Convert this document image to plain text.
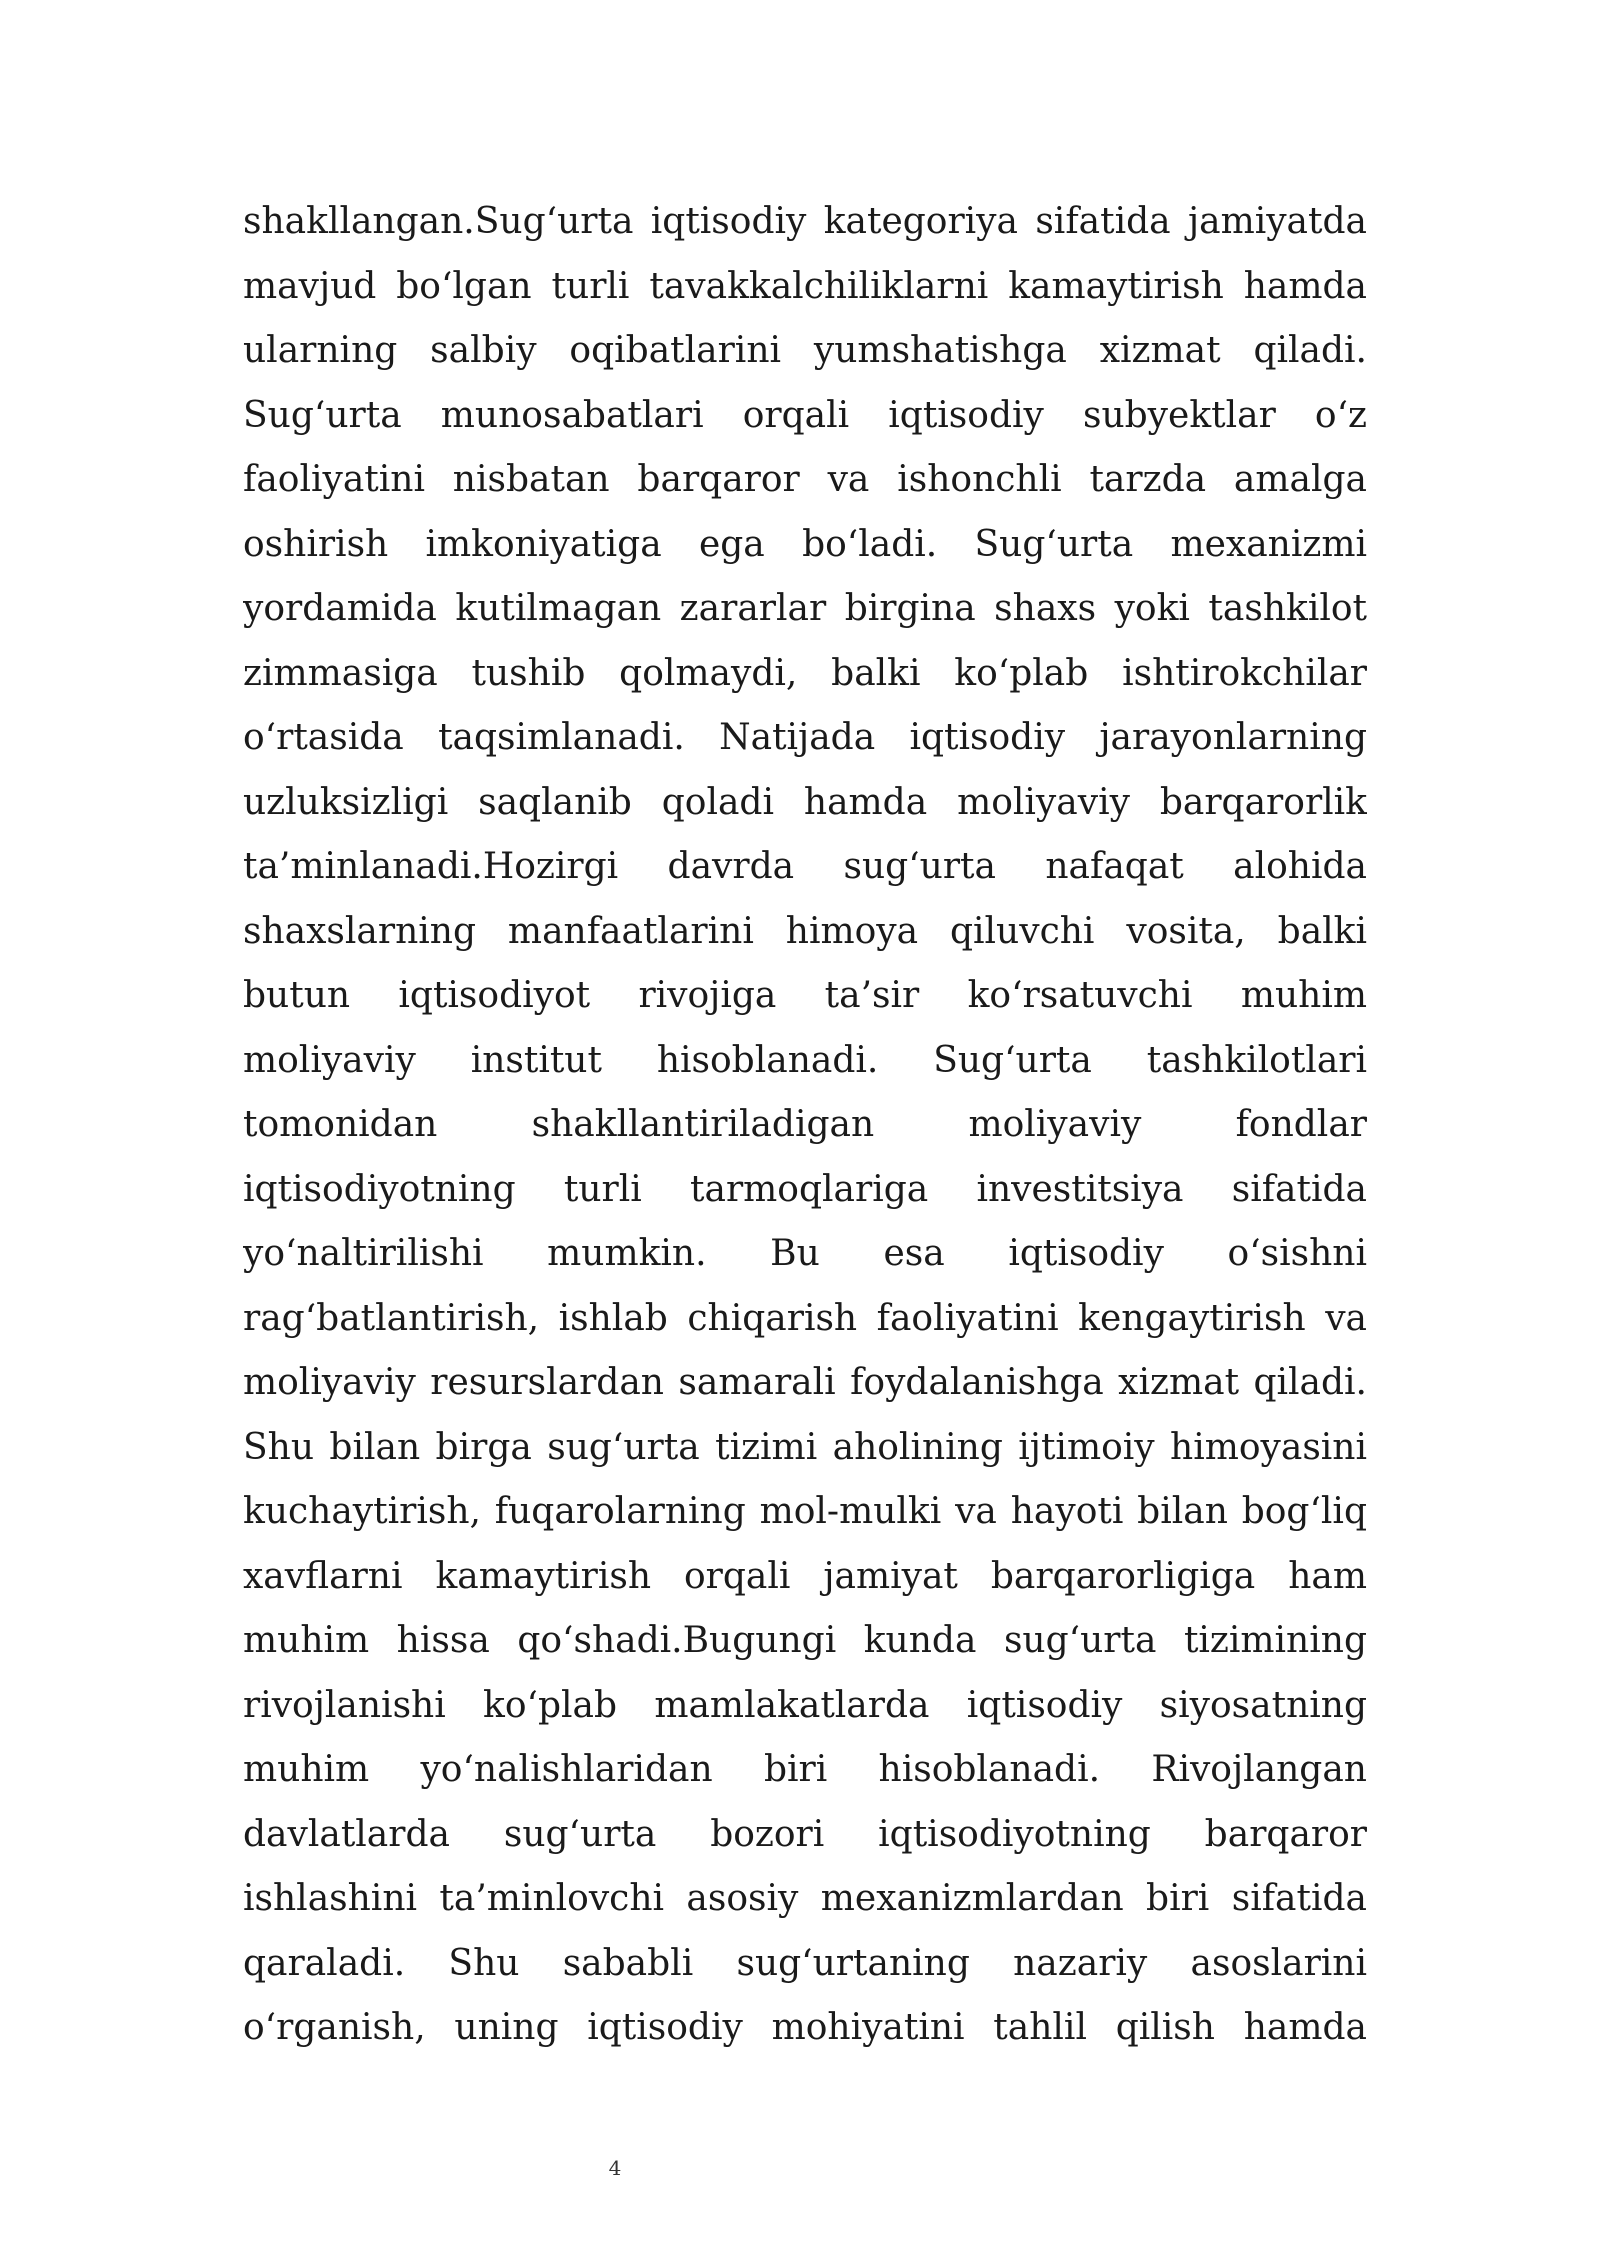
shakllangan.Sug‘urta iqtisodiy kategoriya sifatida jamiyatda
mavjud bo‘lgan turli tavakkalchiliklarni kamaytirish hamda
ularning salbiy oqibatlarini yumshatishga xizmat qiladi.
Sug‘urta munosabatlari orqali iqtisodiy subyektlar o‘z
faoliyatini nisbatan barqaror va ishonchli tarzda amalga
oshirish imkoniyatiga ega bo‘ladi. Sug‘urta mexanizmi
yordamida kutilmagan zararlar birgina shaxs yoki tashkilot
zimmasiga tushib qolmaydi, balki ko‘plab ishtirokchilar
o‘rtasida taqsimlanadi. Natijada iqtisodiy jarayonlarning
uzluksizligi saqlanib qoladi hamda moliyaviy barqarorlik
ta’minlanadi.Hozirgi davrda sug‘urta nafaqat alohida
shaxslarning manfaatlarini himoya qiluvchi vosita, balki
butun iqtisodiyot rivojiga ta’sir ko‘rsatuvchi muhim
moliyaviy institut hisoblanadi. Sug‘urta tashkilotlari
tomonidan shakllantiriladigan moliyaviy fondlar
iqtisodiyotning turli tarmoqlariga investitsiya sifatida
yo‘naltirilishi mumkin. Bu esa iqtisodiy o‘sishni
rag‘batlantirish, ishlab chiqarish faoliyatini kengaytirish va
moliyaviy resurslardan samarali foydalanishga xizmat qiladi.
Shu bilan birga sug‘urta tizimi aholining ijtimoiy himoyasini
kuchaytirish, fuqarolarning mol-mulki va hayoti bilan bog‘liq
xavflarni kamaytirish orqali jamiyat barqarorligiga ham
muhim hissa qo‘shadi.Bugungi kunda sug‘urta tizimining
rivojlanishi ko‘plab mamlakatlarda iqtisodiy siyosatning
muhim yo‘nalishlaridan biri hisoblanadi. Rivojlangan
davlatlarda sug‘urta bozori iqtisodiyotning barqaror
ishlashini ta’minlovchi asosiy mexanizmlardan biri sifatida
qaraladi. Shu sababli sug‘urtaning nazariy asoslarini
o‘rganish, uning iqtisodiy mohiyatini tahlil qilish hamda
4
